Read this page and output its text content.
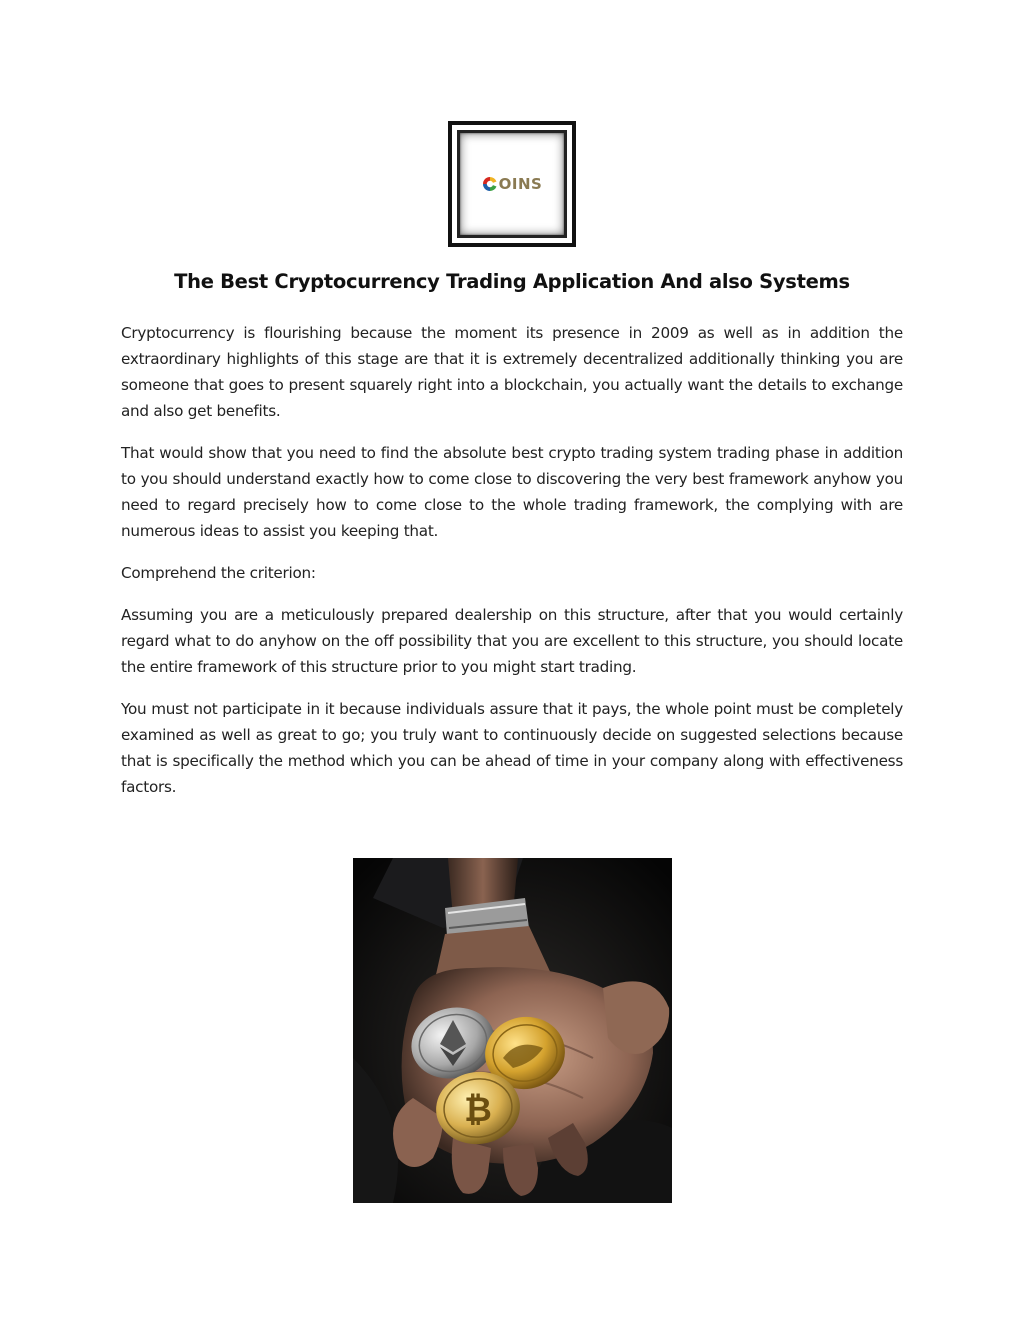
OINS
The Best Cryptocurrency Trading Application And also Systems

Cryptocurrency is flourishing because the moment its presence in 2009 as well as in addition the extraordinary highlights of this stage are that it is extremely decentralized additionally thinking you are someone that goes to present squarely right into a blockchain, you actually want the details to exchange and also get benefits.

That would show that you need to find the absolute best crypto trading system trading phase in addition to you should understand exactly how to come close to discovering the very best framework anyhow you need to regard precisely how to come close to the whole trading framework, the complying with are numerous ideas to assist you keeping that.

Comprehend the criterion:

Assuming you are a meticulously prepared dealership on this structure, after that you would certainly regard what to do anyhow on the off possibility that you are excellent to this structure, you should locate the entire framework of this structure prior to you might start trading.

You must not participate in it because individuals assure that it pays, the whole point must be completely examined as well as great to go; you truly want to continuously decide on suggested selections because that is specifically the method which you can be ahead of time in your company along with effectiveness factors.

₿
